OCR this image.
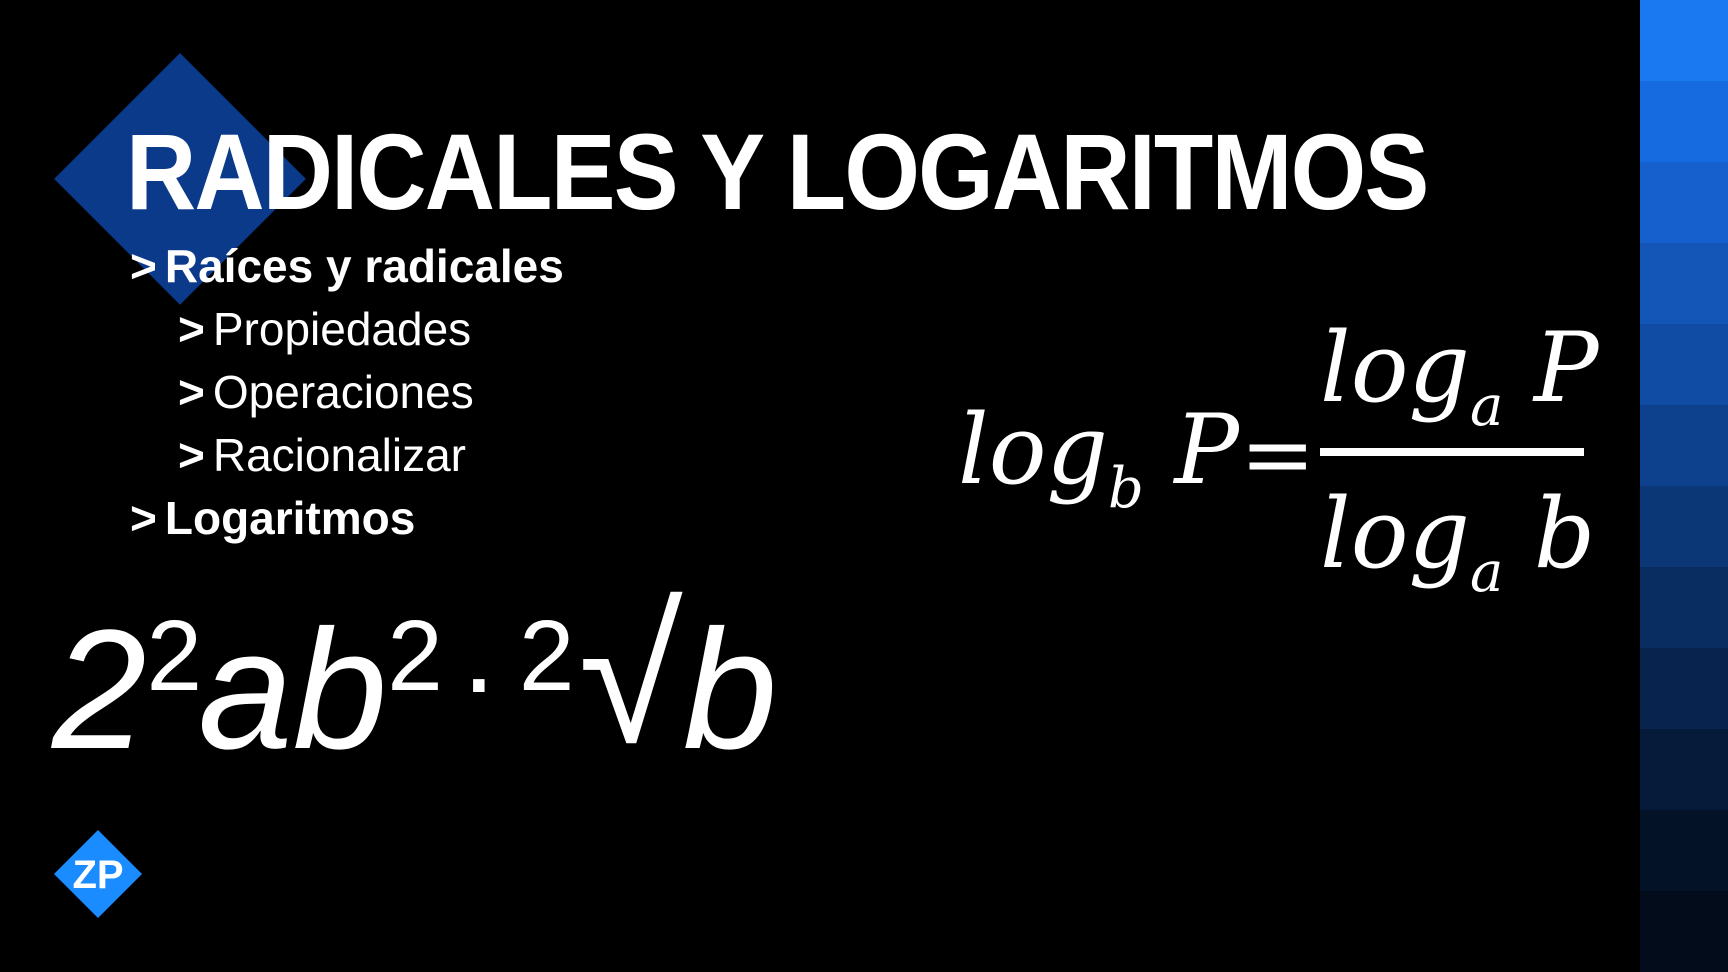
RADICALES Y LOGARITMOS
> Raíces y radicales
> Propiedades
> Operaciones
> Racionalizar
> Logaritmos
$2^2ab^2 \cdot ^2√b$
$\log_b P$ =
$\log_a P$
$\log_a b$
ZP
